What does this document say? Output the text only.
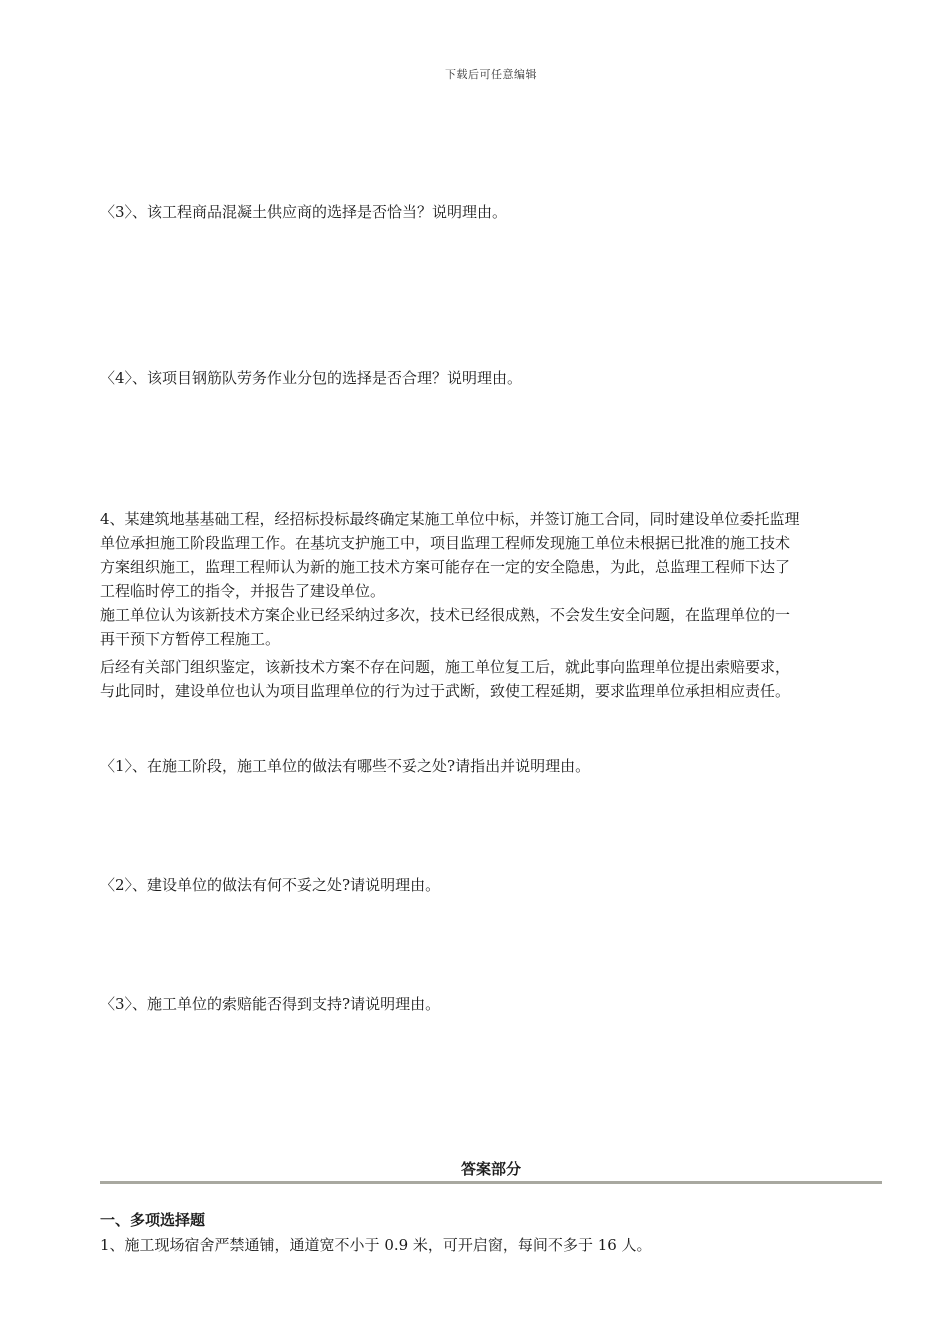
下载后可任意编辑
〈3〉、该工程商品混凝土供应商的选择是否恰当？说明理由。
〈4〉、该项目钢筋队劳务作业分包的选择是否合理？说明理由。
4、某建筑地基基础工程，经招标投标最终确定某施工单位中标，并签订施工合同，同时建设单位委托监理
单位承担施工阶段监理工作。在基坑支护施工中，项目监理工程师发现施工单位未根据已批准的施工技术
方案组织施工，监理工程师认为新的施工技术方案可能存在一定的安全隐患，为此，总监理工程师下达了
工程临时停工的指令，并报告了建设单位。
施工单位认为该新技术方案企业已经采纳过多次，技术已经很成熟，不会发生安全问题，在监理单位的一
再干预下方暂停工程施工。
后经有关部门组织鉴定，该新技术方案不存在问题，施工单位复工后，就此事向监理单位提出索赔要求，
与此同时，建设单位也认为项目监理单位的行为过于武断，致使工程延期，要求监理单位承担相应责任。
〈1〉、在施工阶段，施工单位的做法有哪些不妥之处?请指出并说明理由。
〈2〉、建设单位的做法有何不妥之处?请说明理由。
〈3〉、施工单位的索赔能否得到支持?请说明理由。
答案部分
一、多项选择题
1、施工现场宿舍严禁通铺，通道宽不小于 0.9 米，可开启窗，每间不多于 16 人。
